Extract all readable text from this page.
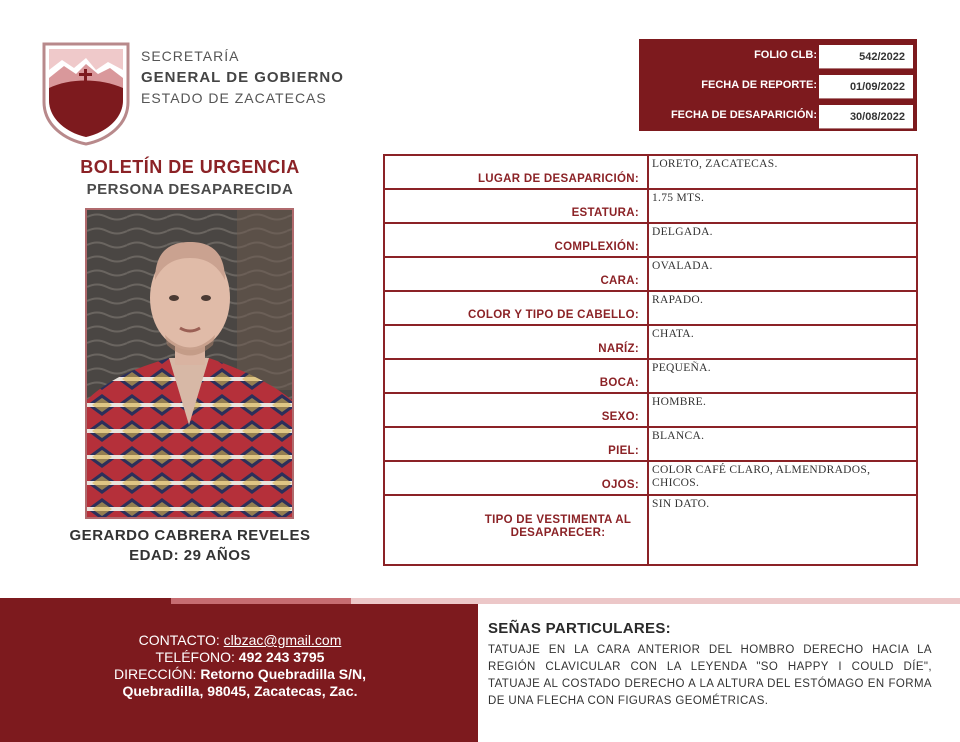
SECRETARÍA
GENERAL DE GOBIERNO
ESTADO DE ZACATECAS
FOLIO CLB:	542/2022
FECHA DE REPORTE:	01/09/2022
FECHA DE DESAPARICIÓN:	30/08/2022
BOLETÍN DE URGENCIA
PERSONA DESAPARECIDA
GERARDO CABRERA REVELES
EDAD: 29 AÑOS
LUGAR DE DESAPARICIÓN:
LORETO, ZACATECAS.
ESTATURA:
1.75 MTS.
COMPLEXIÓN:
DELGADA.
CARA:
OVALADA.
COLOR Y TIPO DE CABELLO:
RAPADO.
NARÍZ:
CHATA.
BOCA:
PEQUEÑA.
SEXO:
HOMBRE.
PIEL:
BLANCA.
OJOS:
COLOR CAFÉ CLARO, ALMENDRADOS, CHICOS.
TIPO DE VESTIMENTA AL DESAPARECER:
SIN DATO.
CONTACTO: clbzac@gmail.com
TELÉFONO: 492 243 3795
DIRECCIÓN: Retorno Quebradilla S/N,
Quebradilla, 98045, Zacatecas, Zac.
SEÑAS PARTICULARES:
TATUAJE EN LA CARA ANTERIOR DEL HOMBRO DERECHO HACIA LA REGIÓN CLAVICULAR CON LA LEYENDA "SO HAPPY I COULD DÍE", TATUAJE AL COSTADO DERECHO A LA ALTURA DEL ESTÓMAGO EN FORMA DE UNA FLECHA CON FIGURAS GEOMÉTRICAS.
